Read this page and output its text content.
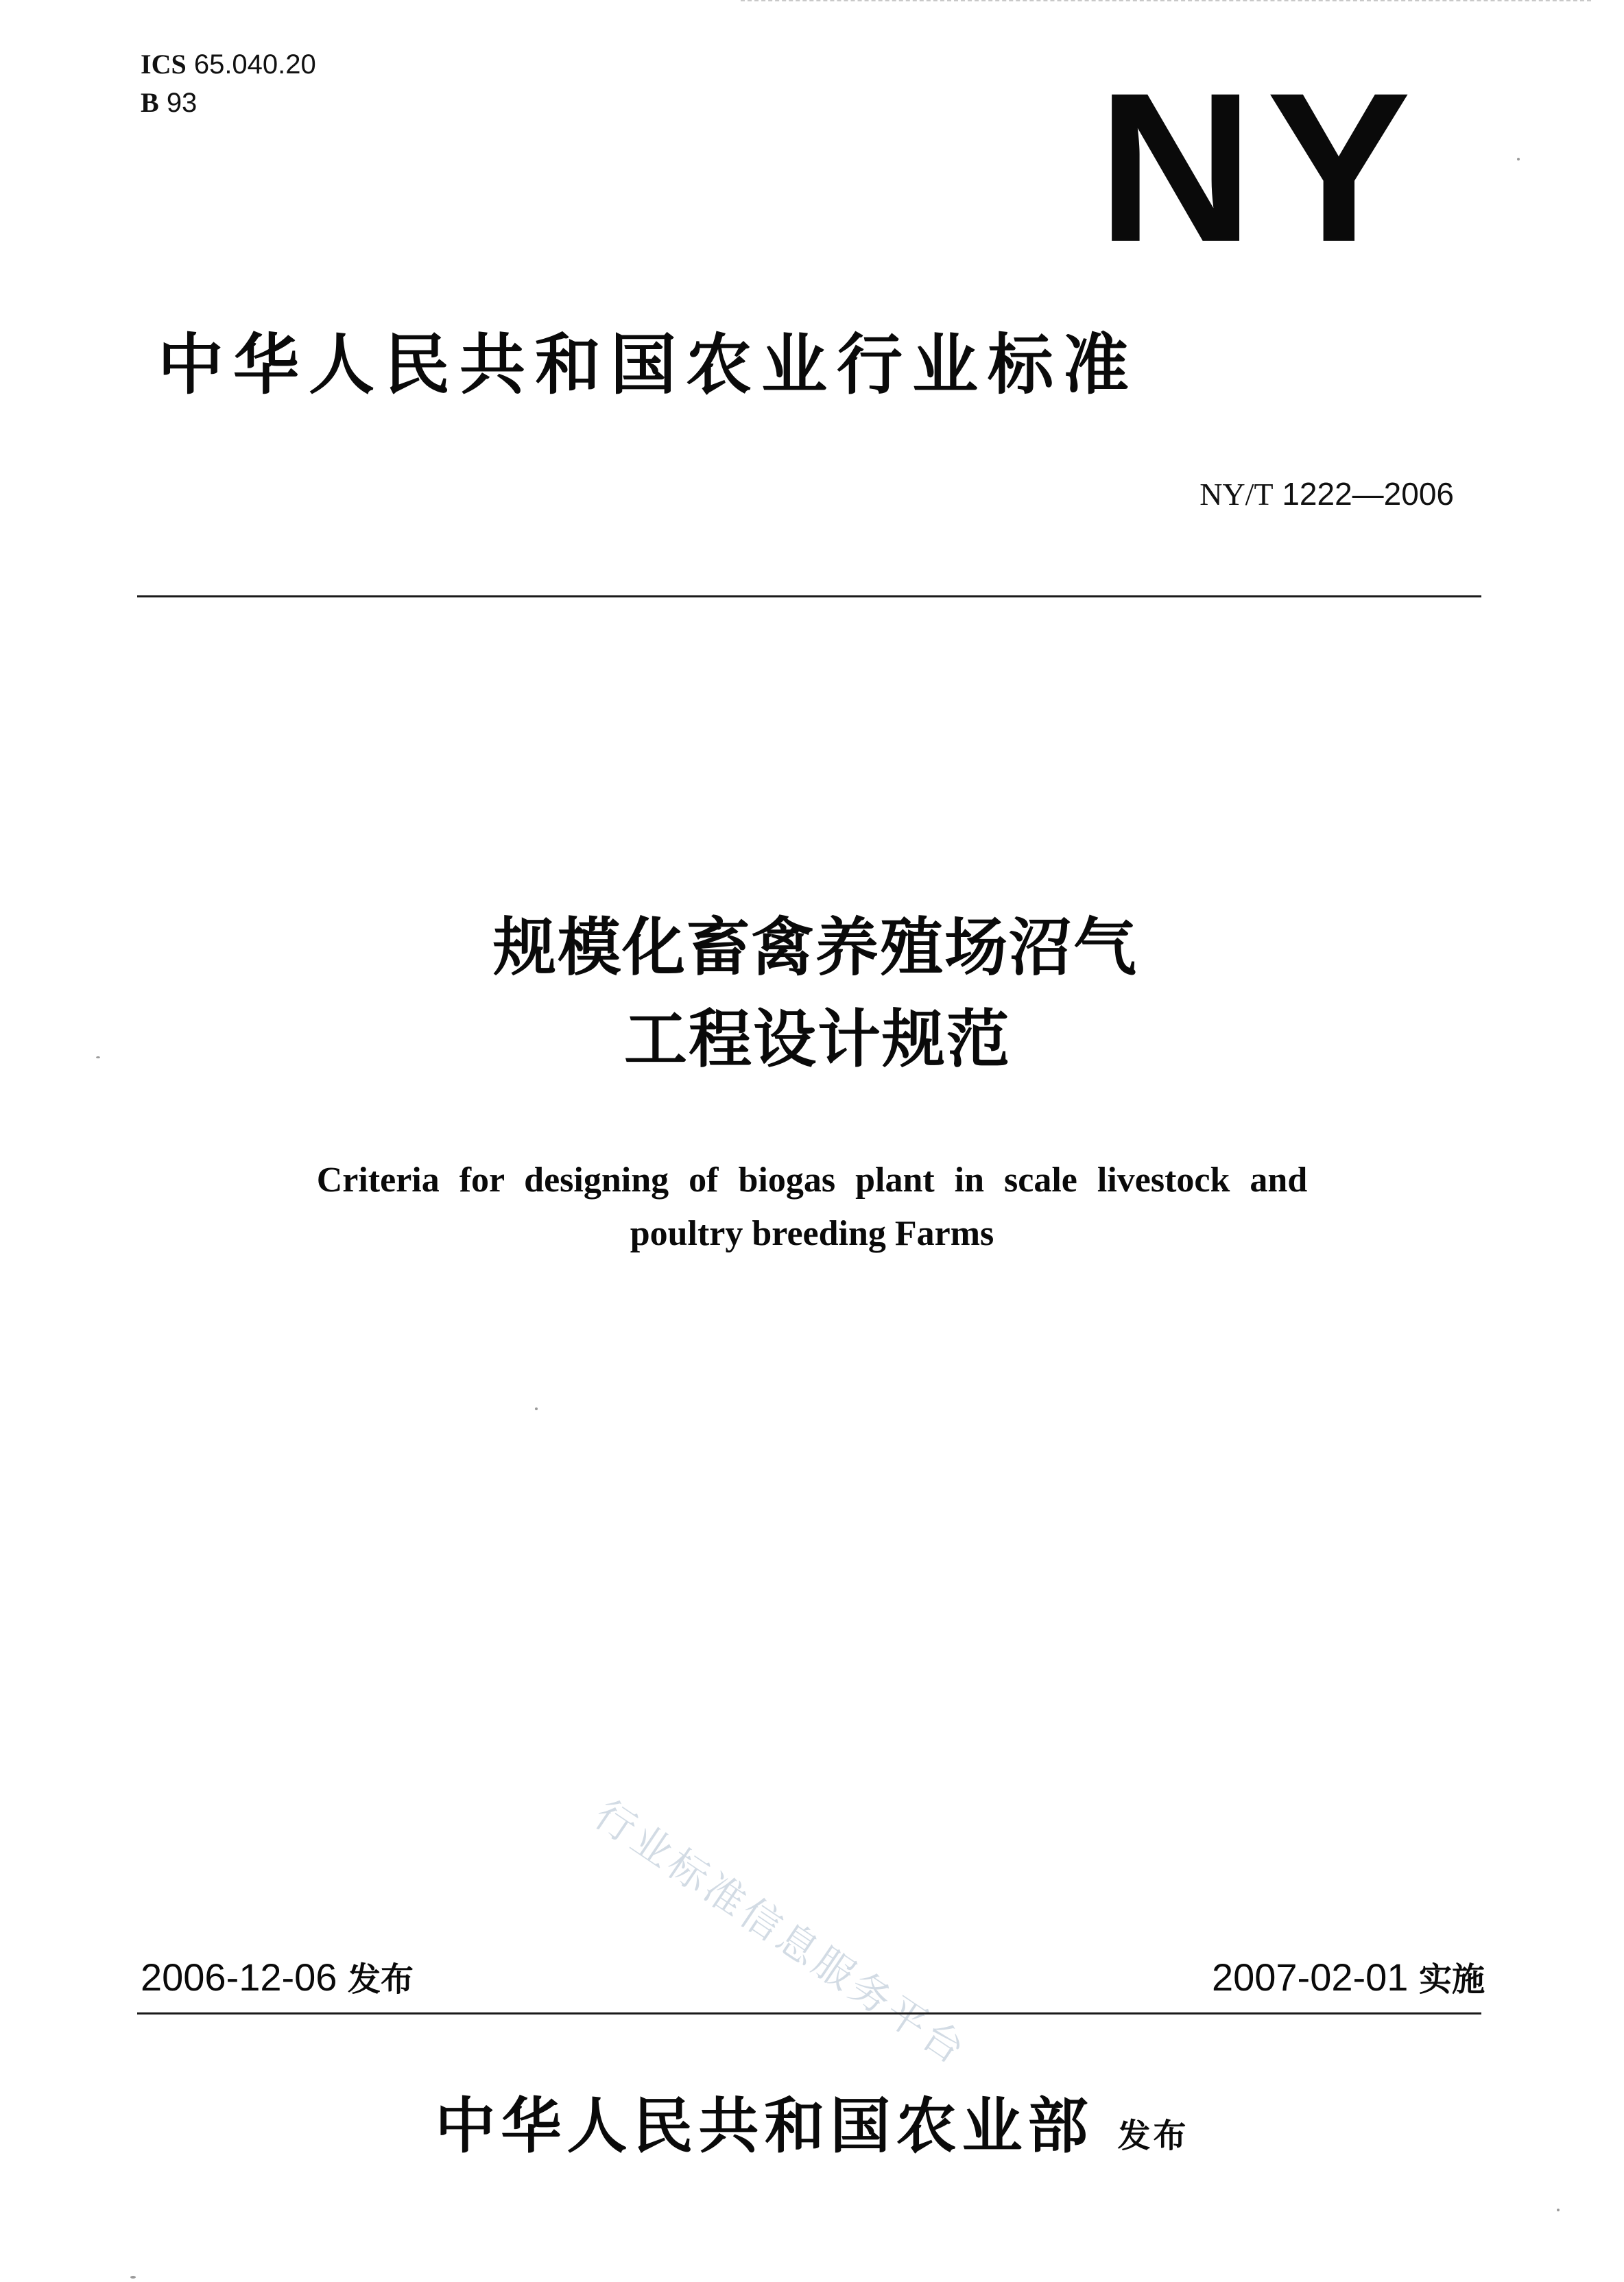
ICS 65.040.20
B 93	NY
中华人民共和国农业行业标准
NY/T 1222—2006
规模化畜禽养殖场沼气
工程设计规范
Criteria for designing of biogas plant in scale livestock and
poultry breeding Farms
行业标准信息服务平台
2006-12-06 发布	2007-02-01 实施
中华人民共和国农业部 发布
